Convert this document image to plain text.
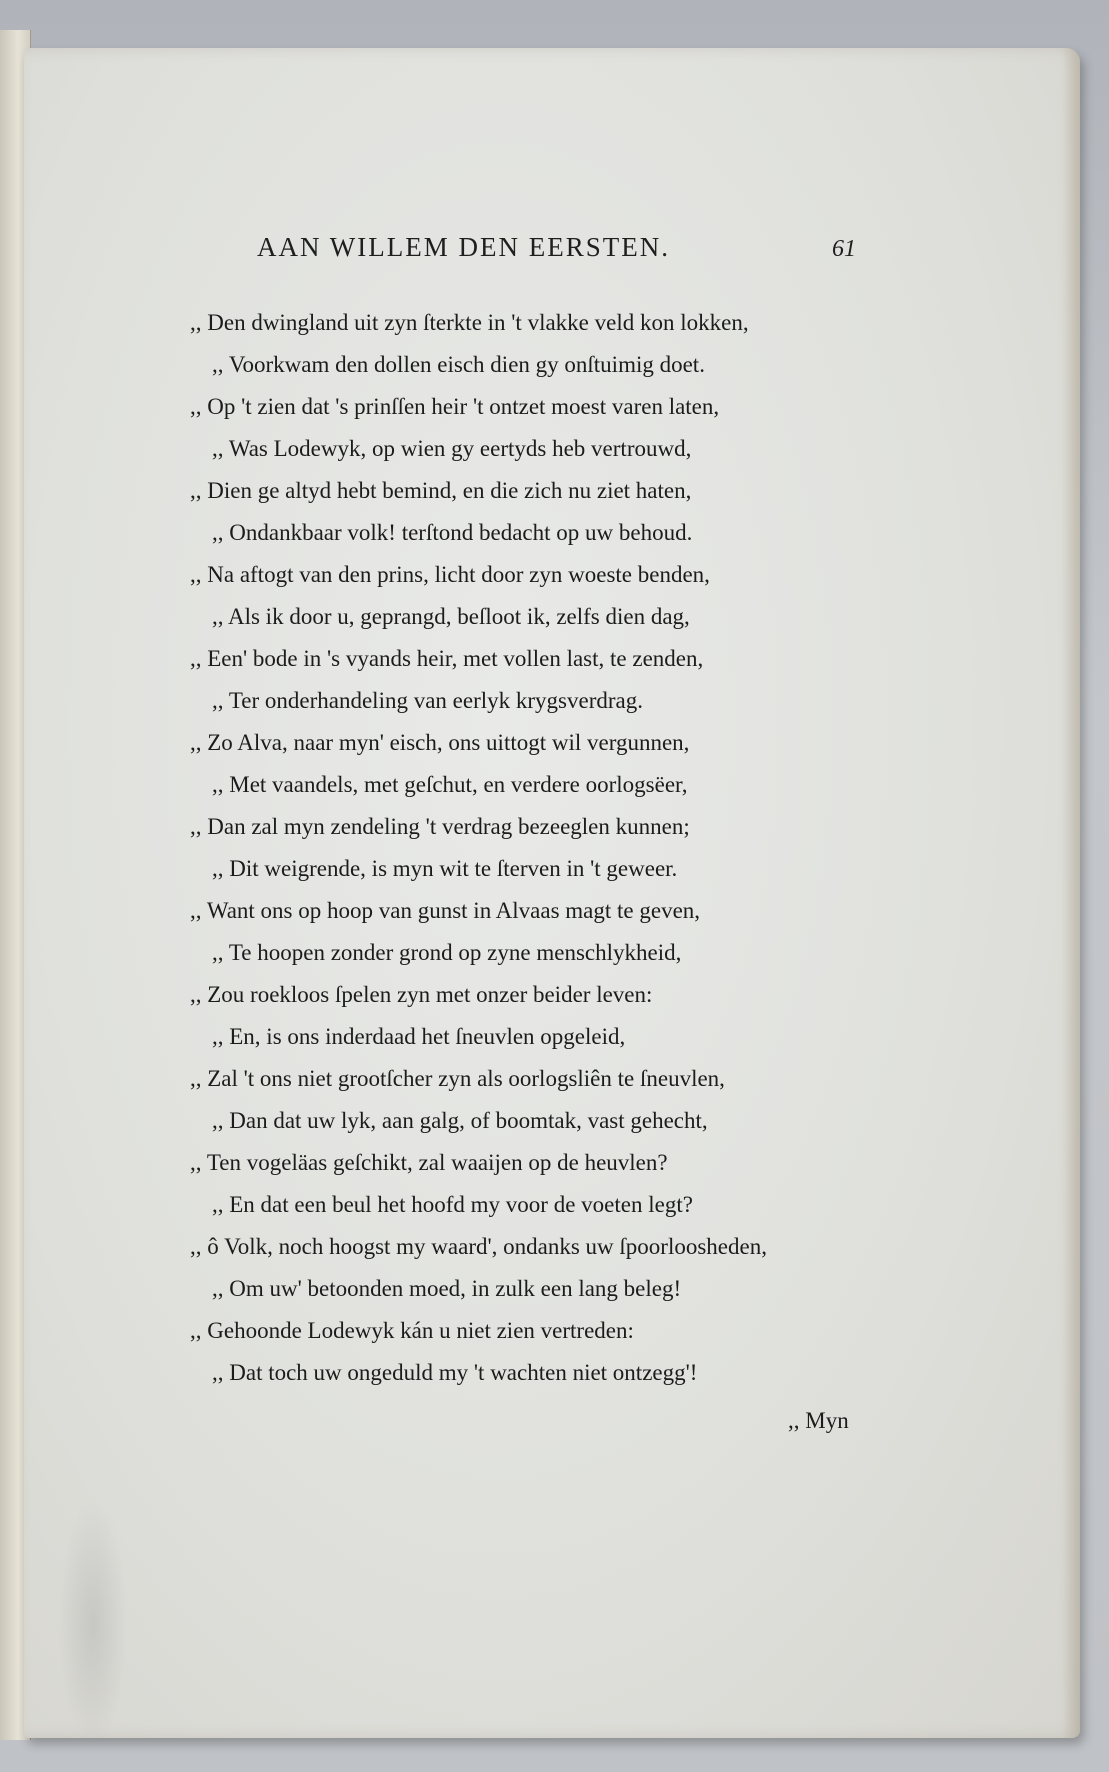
AAN WILLEM DEN EERSTEN.	61
,, Den dwingland uit zyn ſterkte in 't vlakke veld kon lokken,
,, Voorkwam den dollen eisch dien gy onſtuimig doet.
,, Op 't zien dat 's prinſſen heir 't ontzet moest varen laten,
,, Was Lodewyk, op wien gy eertyds heb vertrouwd,
,, Dien ge altyd hebt bemind, en die zich nu ziet haten,
,, Ondankbaar volk! terſtond bedacht op uw behoud.
,, Na aftogt van den prins, licht door zyn woeste benden,
,, Als ik door u, geprangd, beſloot ik, zelfs dien dag,
,, Een' bode in 's vyands heir, met vollen last, te zenden,
,, Ter onderhandeling van eerlyk krygsverdrag.
,, Zo Alva, naar myn' eisch, ons uittogt wil vergunnen,
,, Met vaandels, met geſchut, en verdere oorlogsëer,
,, Dan zal myn zendeling 't verdrag bezeeglen kunnen;
,, Dit weigrende, is myn wit te ſterven in 't geweer.
,, Want ons op hoop van gunst in Alvaas magt te geven,
,, Te hoopen zonder grond op zyne menschlykheid,
,, Zou roekloos ſpelen zyn met onzer beider leven:
,, En, is ons inderdaad het ſneuvlen opgeleid,
,, Zal 't ons niet grootſcher zyn als oorlogsliên te ſneuvlen,
,, Dan dat uw lyk, aan galg, of boomtak, vast gehecht,
,, Ten vogeläas geſchikt, zal waaijen op de heuvlen?
,, En dat een beul het hoofd my voor de voeten legt?
,, ô Volk, noch hoogst my waard', ondanks uw ſpoorloosheden,
,, Om uw' betoonden moed, in zulk een lang beleg!
,, Gehoonde Lodewyk kán u niet zien vertreden:
,, Dat toch uw ongeduld my 't wachten niet ontzegg'!
,, Myn
